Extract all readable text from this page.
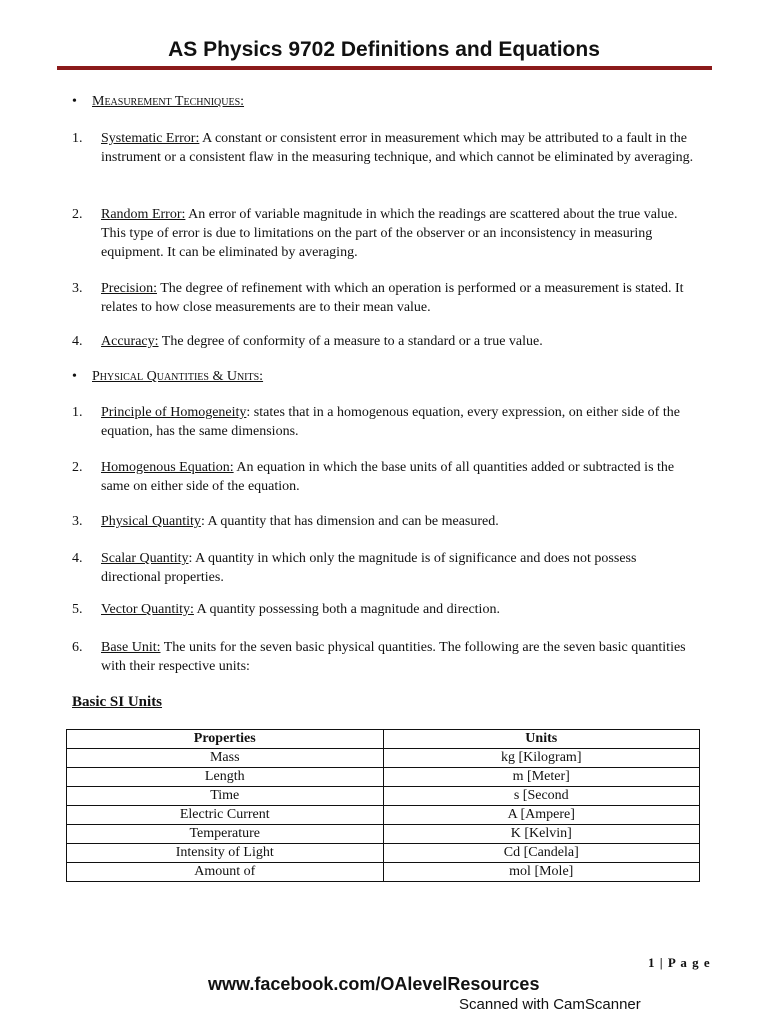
AS Physics 9702 Definitions and Equations
• Measurement Techniques:
1.	Systematic Error: A constant or consistent error in measurement which may be attributed to a fault in the instrument or a consistent flaw in the measuring technique, and which cannot be eliminated by averaging.
2.	Random Error: An error of variable magnitude in which the readings are scattered about the true value. This type of error is due to limitations on the part of the observer or an inconsistency in measuring equipment. It can be eliminated by averaging.
3.	Precision: The degree of refinement with which an operation is performed or a measurement is stated. It relates to how close measurements are to their mean value.
4.	Accuracy: The degree of conformity of a measure to a standard or a true value.
• Physical Quantities & Units:
1.	Principle of Homogeneity: states that in a homogenous equation, every expression, on either side of the equation, has the same dimensions.
2.	Homogenous Equation: An equation in which the base units of all quantities added or subtracted is the same on either side of the equation.
3.	Physical Quantity: A quantity that has dimension and can be measured.
4.	Scalar Quantity: A quantity in which only the magnitude is of significance and does not possess directional properties.
5.	Vector Quantity: A quantity possessing both a magnitude and direction.
6.	Base Unit: The units for the seven basic physical quantities. The following are the seven basic quantities with their respective units:
Basic SI Units
Properties	Units
Mass	kg [Kilogram]
Length	m [Meter]
Time	s [Second
Electric Current	A [Ampere]
Temperature	K [Kelvin]
Intensity of Light	Cd [Candela]
Amount of	mol [Mole]
1 | P a g e
www.facebook.com/OAlevelResources
Scanned with CamScanner
